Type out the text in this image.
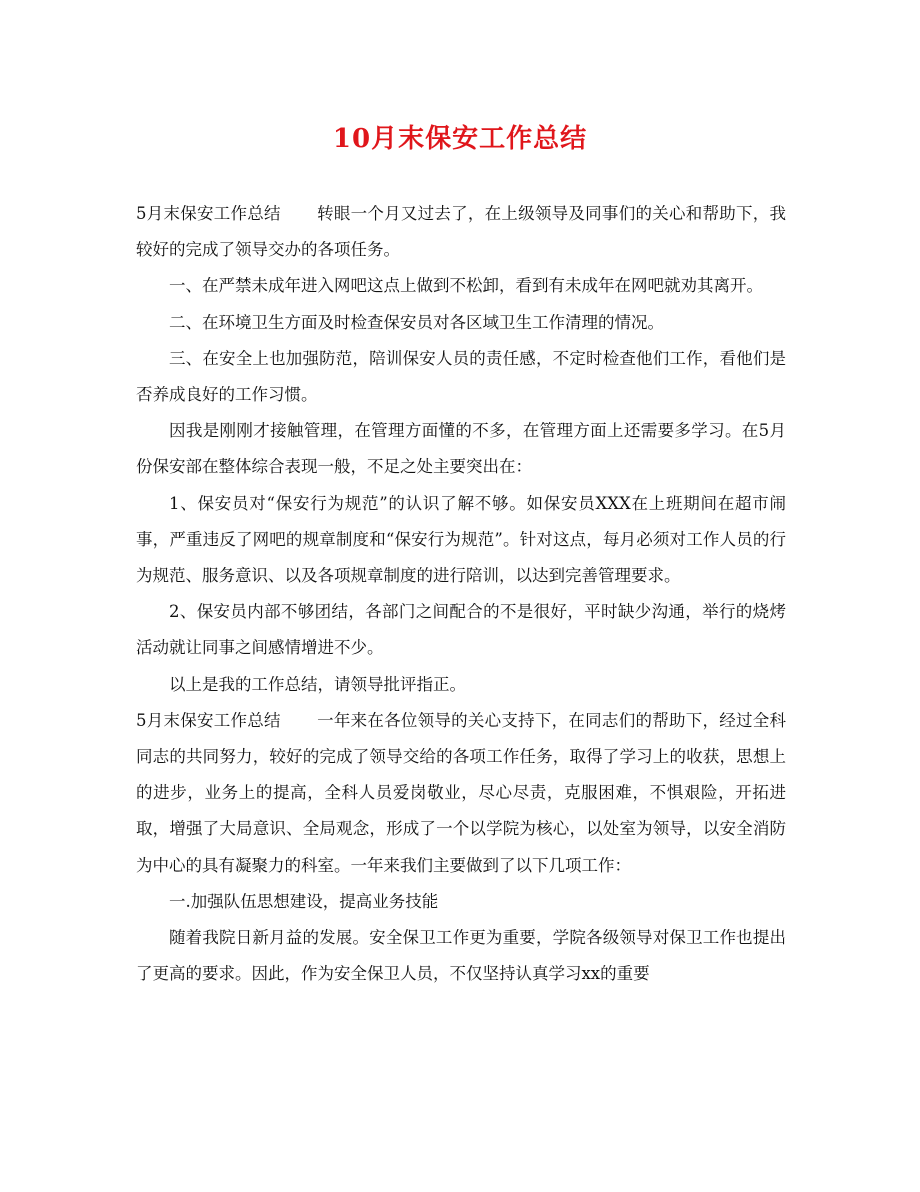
10月末保安工作总结

5月末保安工作总结 转眼一个月又过去了，在上级领导及同事们的关心和帮助下，我较好的完成了领导交办的各项任务。

一、在严禁未成年进入网吧这点上做到不松卸，看到有未成年在网吧就劝其离开。

二、在环境卫生方面及时检查保安员对各区域卫生工作清理的情况。

三、在安全上也加强防范，陪训保安人员的责任感，不定时检查他们工作，看他们是否养成良好的工作习惯。

因我是刚刚才接触管理，在管理方面懂的不多，在管理方面上还需要多学习。在5月份保安部在整体综合表现一般，不足之处主要突出在：

1、保安员对“保安行为规范”的认识了解不够。如保安员XXX在上班期间在超市闹事，严重违反了网吧的规章制度和“保安行为规范”。针对这点，每月必须对工作人员的行为规范、服务意识、以及各项规章制度的进行陪训，以达到完善管理要求。

2、保安员内部不够团结，各部门之间配合的不是很好，平时缺少沟通，举行的烧烤活动就让同事之间感情增进不少。

以上是我的工作总结，请领导批评指正。

5月末保安工作总结 一年来在各位领导的关心支持下，在同志们的帮助下，经过全科同志的共同努力，较好的完成了领导交给的各项工作任务，取得了学习上的收获，思想上的进步，业务上的提高，全科人员爱岗敬业，尽心尽责，克服困难，不惧艰险，开拓进取，增强了大局意识、全局观念，形成了一个以学院为核心，以处室为领导，以安全消防为中心的具有凝聚力的科室。一年来我们主要做到了以下几项工作：

一.加强队伍思想建设，提高业务技能

随着我院日新月益的发展。安全保卫工作更为重要，学院各级领导对保卫工作也提出了更高的要求。因此，作为安全保卫人员，不仅坚持认真学习xx的重要
